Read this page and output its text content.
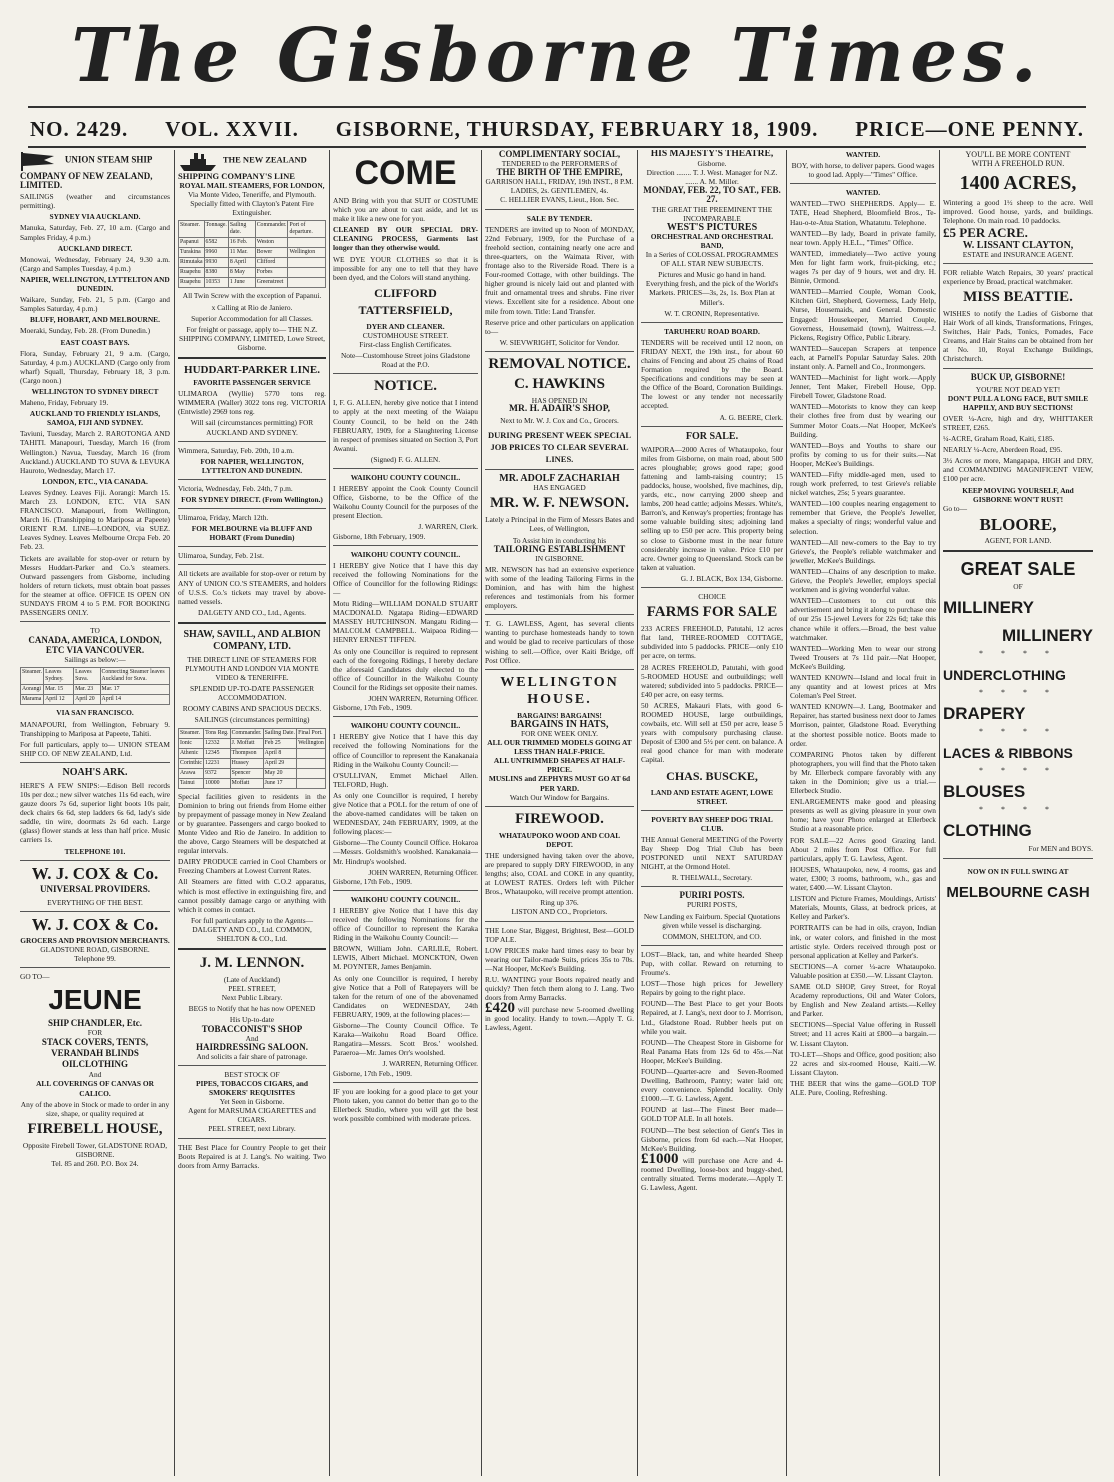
The Gisborne Times.
NO. 2429. VOL. XXVII. GISBORNE, THURSDAY, FEBRUARY 18, 1909. PRICE—ONE PENNY.
UNION STEAM SHIP COMPANY OF NEW ZEALAND, LIMITED.

SAILINGS (weather and circumstances permitting).

SYDNEY VIA AUCKLAND.

Manuka, Saturday, Feb. 27, 10 a.m. (Cargo and Samples Friday, 4 p.m.)

AUCKLAND DIRECT.

Monowai, Wednesday, February 24, 9.30 a.m. (Cargo and Samples Tuesday, 4 p.m.)

NAPIER, WELLINGTON, LYTTELTON AND DUNEDIN.

Waikare, Sunday, Feb. 21, 5 p.m. (Cargo and Samples Saturday, 4 p.m.)

BLUFF, HOBART, AND MELBOURNE.

Moeraki, Sunday, Feb. 28. (From Dunedin.)

EAST COAST BAYS.

Flora, Sunday, February 21, 9 a.m. (Cargo, Saturday, 4 p.m.) AUCKLAND (Cargo only from wharf) Squall, Thursday, February 18, 3 p.m. (Cargo noon.)

WELLINGTON TO SYDNEY DIRECT

Maheno, Friday, February 19.

AUCKLAND TO FRIENDLY ISLANDS, SAMOA, FIJI AND SYDNEY.

Taviuni, Tuesday, March 2. RAROTONGA AND TAHITI. Manapouri, Tuesday, March 16 (from Wellington.) Navua, Tuesday, March 16 (from Auckland.) AUCKLAND TO SUVA & LEVUKA Hauroto, Wednesday, March 17.

LONDON, ETC., VIA CANADA.

Leaves Sydney. Leaves Fiji. Aorangi: March 15. March 23. LONDON, ETC. VIA SAN FRANCISCO. Manapouri, from Wellington, March 16. (Transhipping to Mariposa at Papeete) ORIENT R.M. LINE—LONDON, via SUEZ. Leaves Sydney. Leaves Melbourne Orcpa Feb. 20 Feb. 23.

Tickets are available for stop-over or return by Messrs Huddart-Parker and Co.'s steamers. Outward passengers from Gisborne, including holders of return tickets, must obtain boat passes for the steamer at office. OFFICE IS OPEN ON SUNDAYS FROM 4 to 5 P.M. FOR BOOKING PASSENGERS ONLY.

TO
CANADA, AMERICA, LONDON, ETC VIA VANCOUVER.
Sailings as below:—
Steamer.	Leaves Sydney.	Leaves Suva.	Connecting Steamer leaves Auckland for Suva.
Aorangi	Mar. 15	Mar. 23	Mar. 17
Marama	April 12	April 20	April 14
VIA SAN FRANCISCO.

MANAPOURI, from Wellington, February 9. Transhipping to Mariposa at Papeete, Tahiti.

For full particulars, apply to— UNION STEAM SHIP CO. OF NEW ZEALAND, Ltd.

NOAH'S ARK.

HERE'S A FEW SNIPS:—Edison Bell records 10s per doz.; new silver watches 11s 6d each, wire gauze doors 7s 6d, superior light boots 10s pair, deck chairs 6s 6d, step ladders 6s 6d, lady's side saddle, tin wire, doormats 2s 6d each. Large (glass) flower stands at less than half price. Music carriers 1s.

TELEPHONE 101.
W. J. COX & Co.
UNIVERSAL PROVIDERS.
EVERYTHING OF THE BEST.
W. J. COX & Co.
GROCERS AND PROVISION MERCHANTS.
GLADSTONE ROAD, GISBORNE.
Telephone 99.
GO TO—
JEUNE
SHIP CHANDLER, Etc.
FOR
STACK COVERS, TENTS, VERANDAH BLINDS OILCLOTHING
And
ALL COVERINGS OF CANVAS OR CALICO.

Any of the above in Stock or made to order in any size, shape, or quality required at

FIREBELL HOUSE,
Opposite Firebell Tower, GLADSTONE ROAD, GISBORNE.
Tel. 85 and 260. P.O. Box 24.
THE NEW ZEALAND SHIPPING COMPANY'S LINE
ROYAL MAIL STEAMERS, FOR LONDON,
Via Monte Video, Teneriffe, and Plymouth.
Specially fitted with Clayton's Patent Fire Extinguisher.
Steamer.	Tonnage.	Sailing date.	Commander.	Port of departure.
Papanui	6582	16 Feb.	Weston	
Turakina	9960	11 Mar.	Bower	Wellington
Rimutaka	9930	8 April	Clifford	
Ruapehu	8380	8 May	Forbes	
Ruapehu	10353	1 June	Greenstreet	

All Twin Screw with the exception of Papanui.

x Calling at Rio de Janiero.

Superior Accommodation for all Classes.

For freight or passage, apply to— THE N.Z. SHIPPING COMPANY, LIMITED, Lowe Street, Gisborne.

HUDDART-PARKER LINE.
FAVORITE PASSENGER SERVICE

ULIMAROA (Wyllie) 5770 tons reg. WIMMERA (Waller) 3022 tons reg. VICTORIA (Entwistle) 2969 tons reg.

Will sail (circumstances permitting) FOR AUCKLAND AND SYDNEY.

Wimmera, Saturday, Feb. 20th, 10 a.m.

FOR NAPIER, WELLINGTON, LYTTELTON AND DUNEDIN.

Victoria, Wednesday, Feb. 24th, 7 p.m.

FOR SYDNEY DIRECT. (From Wellington.)

Ulimaroa, Friday, March 12th.

FOR MELBOURNE via BLUFF AND HOBART (From Dunedin)

Ulimaroa, Sunday, Feb. 21st.

All tickets are available for stop-over or return by ANY of UNION CO.'S STEAMERS, and holders of U.S.S. Co.'s tickets may travel by above-named vessels.

DALGETY AND CO., Ltd., Agents.
SHAW, SAVILL, AND ALBION COMPANY, LTD.

THE DIRECT LINE OF STEAMERS FOR PLYMOUTH AND LONDON VIA MONTE VIDEO & TENERIFFE.

SPLENDID UP-TO-DATE PASSENGER ACCOMMODATION.

ROOMY CABINS AND SPACIOUS DECKS.

SAILINGS (circumstances permitting)

Steamer.	Tons Reg.	Commander.	Sailing Date.	Final Port.
Ionic	12332	J. Moffatt	Feb 25	Wellington
Athenic	12345	Thompson	April 8	
Corinthic	12231	Hussey	April 29	
Arawa	9372	Spencer	May 20	
Tainui	10000	Moffatt	June 17	

Special facilities given to residents in the Dominion to bring out friends from Home either by prepayment of passage money in New Zealand or by guarantee. Passengers and cargo booked to Monte Video and Rio de Janeiro. In addition to the above, Cargo Steamers will be despatched at regular intervals.

DAIRY PRODUCE carried in Cool Chambers or Freezing Chambers at Lowest Current Rates.

All Steamers are fitted with C.O.2 apparatus, which is most effective in extinguishing fire, and cannot possibly damage cargo or anything with which it comes in contact.

For full particulars apply to the Agents— DALGETY AND CO., Ltd. COMMON, SHELTON & CO., Ltd.

J. M. LENNON.
(Late of Auckland)
PEEL STREET,
Next Public Library.

BEGS to Notify that he has now OPENED

His Up-to-date
TOBACCONIST'S SHOP
And
HAIRDRESSING SALOON.
And solicits a fair share of patronage.
BEST STOCK OF
PIPES, TOBACCOS CIGARS, and
SMOKERS' REQUISITES
Yet Seen in Gisborne.
Agent for MARSUMA CIGARETTES and CIGARS.
PEEL STREET, next Library.

THE Best Place for Country People to get their Boots Repaired is at J. Lang's. No waiting. Two doors from Army Barracks.

COME

AND Bring with you that SUIT or COSTUME which you are about to cast aside, and let us make it like a new one for you.

CLEANED BY OUR SPECIAL DRY-CLEANING PROCESS, Garments last longer than they otherwise would.

WE DYE YOUR CLOTHES so that it is impossible for any one to tell that they have been dyed, and the Colors will stand anything.

CLIFFORD TATTERSFIELD,
DYER AND CLEANER.
CUSTOMHOUSE STREET.
First-class English Certificates.

Note—Customhouse Street joins Gladstone Road at the P.O.

NOTICE.

I, F. G. ALLEN, hereby give notice that I intend to apply at the next meeting of the Waiapu County Council, to be held on the 24th FEBRUARY, 1909, for a Slaughtering License in respect of premises situated on Section 3, Port Awanui.

(Signed) F. G. ALLEN.
WAIKOHU COUNTY COUNCIL.

I HEREBY appoint the Cook County Council Office, Gisborne, to be the Office of the Waikohu County Council for the purposes of the present Election.

J. WARREN, Clerk.
Gisborne, 18th February, 1909.
WAIKOHU COUNTY COUNCIL.

I HEREBY give Notice that I have this day received the following Nominations for the Office of Councillor for the following Ridings:—

Motu Riding—WILLIAM DONALD STUART MACDONALD. Ngatapa Riding—EDWARD MASSEY HUTCHINSON. Mangatu Riding—MALCOLM CAMPBELL. Waipaoa Riding—HENRY ERNEST TIFFEN.

As only one Councillor is required to represent each of the foregoing Ridings, I hereby declare the aforesaid Candidates duly elected to the office of Councillor in the Waikohu County Council for the Ridings set opposite their names.

JOHN WARREN, Returning Officer.
Gisborne, 17th Feb., 1909.
WAIKOHU COUNTY COUNCIL.

I HEREBY give Notice that I have this day received the following Nominations for the office of Councillor to represent the Kanakanaia Riding in the Waikohu County Council:—

O'SULLIVAN, Emmet Michael Allen. TELFORD, Hugh.

As only one Councillor is required, I hereby give Notice that a POLL for the return of one of the above-named candidates will be taken on WEDNESDAY, 24th FEBRUARY, 1909, at the following places:—

Gisborne—The County Council Office. Hokaroa—Messrs. Goldsmith's woolshed. Kanakanaia—Mr. Hindrup's woolshed.

JOHN WARREN, Returning Officer.
Gisborne, 17th Feb., 1909.
WAIKOHU COUNTY COUNCIL.

I HEREBY give Notice that I have this day received the following Nominations for the office of Councillor to represent the Karaka Riding in the Waikohu County Council:—

BROWN, William John. CARLILE, Robert. LEWIS, Albert Michael. MONCKTON, Owen M. POYNTER, James Benjamin.

As only one Councillor is required, I hereby give Notice that a Poll of Ratepayers will be taken for the return of one of the abovenamed Candidates on WEDNESDAY, 24th FEBRUARY, 1909, at the following places:—

Gisborne—The County Council Office. Te Karaka—Waikohu Road Board Office. Rangatira—Messrs. Scott Bros.' woolshed. Paraeroa—Mr. James Orr's woolshed.

J. WARREN, Returning Officer.
Gisborne, 17th Feb., 1909.

IF you are looking for a good place to get your Photo taken, you cannot do better than go to the Ellerbeck Studio, where you will get the best work possible combined with moderate prices.

COMPLIMENTARY SOCIAL,
TENDERED to the PERFORMERS of
THE BIRTH OF THE EMPIRE,
GARRISON HALL, FRIDAY, 19th INST., 8 P.M.
LADIES, 2s. GENTLEMEN, 4s.
C. HELLIER EVANS, Lieut., Hon. Sec.
SALE BY TENDER.

TENDERS are invited up to Noon of MONDAY, 22nd February, 1909, for the Purchase of a freehold section, containing nearly one acre and three-quarters, on the Waimata River, with frontage also to the Riverside Road. There is a Four-roomed Cottage, with other buildings. The higher ground is nicely laid out and planted with fruit and ornamental trees and shrubs. Fine river views. Excellent site for a residence. About one mile from town. Title: Land Transfer.

Reserve price and other particulars on application to—

W. SIEVWRIGHT, Solicitor for Vendor.
REMOVAL NOTICE.
C. HAWKINS
HAS OPENED IN
MR. H. ADAIR'S SHOP,

Next to Mr. W. J. Cox and Co., Grocers.

DURING PRESENT WEEK SPECIAL JOB PRICES TO CLEAR SEVERAL LINES.
MR. ADOLF ZACHARIAH
HAS ENGAGED
MR. W. F. NEWSON.

Lately a Principal in the Firm of Messrs Bates and Lees, of Wellington,

To Assist him in conducting his
TAILORING ESTABLISHMENT
IN GISBORNE.

MR. NEWSON has had an extensive experience with some of the leading Tailoring Firms in the Dominion, and has with him the highest references and testimonials from his former employers.

T. G. LAWLESS, Agent, has several clients wanting to purchase homesteads handy to town and would be glad to receive particulars of those wishing to sell.—Office, over Kaiti Bridge, off Post Office.

WELLINGTON HOUSE.
BARGAINS! BARGAINS!
BARGAINS IN HATS,
FOR ONE WEEK ONLY.
ALL OUR TRIMMED MODELS GOING AT LESS THAN HALF-PRICE.
ALL UNTRIMMED SHAPES AT HALF-PRICE.
MUSLINS and ZEPHYRS MUST GO AT 6d PER YARD.
Watch Our Window for Bargains.
FIREWOOD.
WHATAUPOKO WOOD AND COAL DEPOT.

THE undersigned having taken over the above, are prepared to supply DRY FIREWOOD, in any lengths; also, COAL and COKE in any quantity, at LOWEST RATES. Orders left with Pilcher Bros., Whataupoko, will receive prompt attention.

Ring up 376.
LISTON AND CO., Proprietors.

THE Lone Star, Biggest, Brightest, Best—GOLD TOP ALE.

LOW PRICES make hard times easy to bear by wearing our Tailor-made Suits, prices 35s to 70s.—Nat Hooper, McKee's Building.

R.U. WANTING your Boots repaired neatly and quickly? Then fetch them along to J. Lang. Two doors from Army Barracks.

£420 will purchase new 5-roomed dwelling in good locality. Handy to town.—Apply T. G. Lawless, Agent.

HIS MAJESTY'S THEATRE,
Gisborne.
Direction ........ T. J. West. Manager for N.Z. ....... A. M. Miller.
MONDAY, FEB. 22, TO SAT., FEB. 27.
THE GREAT THE PREEMINENT THE INCOMPARABLE
WEST'S PICTURES
ORCHESTRAL AND ORCHESTRAL BAND,
In a Series of COLOSSAL PROGRAMMES OF ALL STAR NEW SUBJECTS.

Pictures and Music go hand in hand. Everything fresh, and the pick of the World's Markets. PRICES—3s, 2s, 1s. Box Plan at Miller's.

W. T. CRONIN, Representative.
TARUHERU ROAD BOARD.

TENDERS will be received until 12 noon, on FRIDAY NEXT, the 19th inst., for about 60 chains of Fencing and about 25 chains of Road Formation required by the Board. Specifications and conditions may be seen at the Office of the Board, Coronation Buildings. The lowest or any tender not necessarily accepted.

A. G. BEERE, Clerk.
FOR SALE.

WAIPORA—2000 Acres of Whataupoko, four miles from Gisborne, on main road, about 500 acres ploughable; grows good rape; good fattening and lamb-raising country; 15 paddocks, house, woolshed, five machines, dip, yards, etc., now carrying 2000 sheep and lambs, 200 head cattle; adjoins Messrs. White's, Barron's, and Kenway's properties; frontage has some valuable building sites; adjoining land selling up to £50 per acre. This property being so close to Gisborne must in the near future considerably increase in value. Price £10 per acre. Owner going to Queensland. Stock can be taken at valuation.

G. J. BLACK, Box 134, Gisborne.
CHOICE
FARMS FOR SALE

233 ACRES FREEHOLD, Patutahi, 12 acres flat land, THREE-ROOMED COTTAGE, subdivided into 5 paddocks. PRICE—only £10 per acre, on terms.

28 ACRES FREEHOLD, Patutahi, with good 5-ROOMED HOUSE and outbuildings; well watered; subdivided into 5 paddocks. PRICE—£40 per acre, on easy terms.

50 ACRES, Makauri Flats, with good 6-ROOMED HOUSE, large outbuildings, cowbails, etc. Will sell at £50 per acre, lease 5 years with compulsory purchasing clause. Deposit of £300 and 5½ per cent. on balance. A real good chance for man with moderate Capital.

CHAS. BUSCKE,
LAND AND ESTATE AGENT, LOWE STREET.
POVERTY BAY SHEEP DOG TRIAL CLUB.

THE Annual General MEETING of the Poverty Bay Sheep Dog Trial Club has been POSTPONED until NEXT SATURDAY NIGHT, at the Ormond Hotel.

R. THELWALL, Secretary.
PURIRI POSTS.
PURIRI POSTS,

New Landing ex Fairburn. Special Quotations given while vessel is discharging.

COMMON, SHELTON, and CO.

LOST—Black, tan, and white hearded Sheep Pup, with collar. Reward on returning to Froume's.

LOST—Those high prices for Jewellery Repairs by going to the right place.

FOUND—The Best Place to get your Boots Repaired, at J. Lang's, next door to J. Morrison, Ltd., Gladstone Road. Rubber heels put on while you wait.

FOUND—The Cheapest Store in Gisborne for Real Panama Hats from 12s 6d to 45s.—Nat Hooper, McKee's Building.

FOUND—Quarter-acre and Seven-Roomed Dwelling, Bathroom, Pantry; water laid on; every convenience. Splendid locality. Only £1000.—T. G. Lawless, Agent.

FOUND at last—The Finest Beer made—GOLD TOP ALE. In all hotels.

FOUND—The best selection of Gent's Ties in Gisborne, prices from 6d each.—Nat Hooper, McKee's Building.

£1000 will purchase one Acre and 4-roomed Dwelling, loose-box and buggy-shed, centrally situated. Terms moderate.—Apply T. G. Lawless, Agent.

WANTED.

BOY, with horse, to deliver papers. Good wages to good lad. Apply—"Times" Office.

WANTED.

WANTED—TWO SHEPHERDS. Apply— E. TATE, Head Shepherd, Bloomfield Bros., Te-Hau-o-te-Atua Station, Whatatutu. Telephone.

WANTED—By lady, Board in private family, near town. Apply H.E.L., "Times" Office.

WANTED, immediately—Two active young Men for light farm work, fruit-picking, etc.; wages 7s per day of 9 hours, wet and dry. H. Binnie, Ormond.

WANTED—Married Couple, Woman Cook, Kitchen Girl, Shepherd, Governess, Lady Help, Nurse, Housemaids, and General. Domestic Engaged: Housekeeper, Married Couple, Governess, Housemaid (town), Waitress.—J. Pickens, Registry Office, Public Library.

WANTED—Saucepan Scrapers at tenpence each, at Parnell's Popular Saturday Sales. 20th instant only. A. Parnell and Co., Ironmongers.

WANTED—Machinist for light work.—Apply Jenner, Tent Maker, Firebell House, Opp. Firebell Tower, Gladstone Road.

WANTED—Motorists to know they can keep their clothes free from dust by wearing our Summer Motor Coats.—Nat Hooper, McKee's Building.

WANTED—Boys and Youths to share our profits by coming to us for their suits.—Nat Hooper, McKee's Buildings.

WANTED—Fifty middle-aged men, used to rough work preferred, to test Grieve's reliable nickel watches, 25s; 5 years guarantee.

WANTED—100 couples nearing engagement to remember that Grieve, the People's Jeweller, makes a specialty of rings; wonderful value and selection.

WANTED—All new-comers to the Bay to try Grieve's, the People's reliable watchmaker and jeweller, McKee's Buildings.

WANTED—Chains of any description to make. Grieve, the People's Jeweller, employs special workmen and is giving wonderful value.

WANTED—Customers to cut out this advertisement and bring it along to purchase one of our 25s 15-jewel Levers for 22s 6d; take this chance while it offers.—Broad, the best value watchmaker.

WANTED—Working Men to wear our strong Tweed Trousers at 7s 11d pair.—Nat Hooper, McKee's Building.

WANTED KNOWN—Island and local fruit in any quantity and at lowest prices at Mrs Coleman's Peel Street.

WANTED KNOWN—J. Lang, Bootmaker and Repairer, has started business next door to James Morrison, painter, Gladstone Road. Everything at the shortest possible notice. Boots made to order.

COMPARING Photos taken by different photographers, you will find that the Photo taken by Mr. Ellerbeck compare favorably with any taken in the Dominion; give us a trial.—Ellerbeck Studio.

ENLARGEMENTS make good and pleasing presents as well as giving pleasure in your own home; have your Photo enlarged at Ellerbeck Studio at a reasonable price.

FOR SALE—22 Acres good Grazing land. About 2 miles from Post Office. For full particulars, apply T. G. Lawless, Agent.

HOUSES, Whataupoko, new, 4 rooms, gas and water, £300; 3 rooms, bathroom, w.h., gas and water, £400.—W. Lissant Clayton.

LISTON and Picture Frames, Mouldings, Artists' Materials, Mounts, Glass, at bedrock prices, at Kelley and Parker's.

PORTRAITS can be had in oils, crayon, Indian ink, or water colors, and finished in the most artistic style. Orders received through post or personal application at Kelley and Parker's.

SECTIONS—A corner ¼-acre Whataupoko. Valuable position at £350.—W. Lissant Clayton.

SAME OLD SHOP, Grey Street, for Royal Academy reproductions, Oil and Water Colors, by English and New Zealand artists.—Kelley and Parker.

SECTIONS—Special Value offering in Russell Street; and 11 acres Kaiti at £800—a bargain.—W. Lissant Clayton.

TO-LET—Shops and Office, good position; also 22 acres and six-roomed House, Kaiti.—W. Lissant Clayton.

THE BEER that wins the game—GOLD TOP ALE. Pure, Cooling, Refreshing.

YOU'LL BE MORE CONTENT
WITH A FREEHOLD RUN.
1400 ACRES,

Wintering a good 1½ sheep to the acre. Well improved. Good house, yards, and buildings. Telephone. On main road. 10 paddocks.

£5 PER ACRE.
W. LISSANT CLAYTON,
ESTATE and INSURANCE AGENT.

FOR reliable Watch Repairs, 30 years' practical experience by Broad, practical watchmaker.

MISS BEATTIE.

WISHES to notify the Ladies of Gisborne that Hair Work of all kinds, Transformations, Fringes, Switches, Hair Pads, Tonics, Pomades, Face Creams, and Hair Stains can be obtained from her at No. 10, Royal Exchange Buildings, Christchurch.

BUCK UP, GISBORNE!
YOU'RE NOT DEAD YET!
DON'T PULL A LONG FACE, BUT SMILE HAPPILY, AND BUY SECTIONS!

OVER ¼-Acre, high and dry, WHITTAKER STREET, £265.

¼-ACRE, Graham Road, Kaiti, £185.

NEARLY ¼-Acre, Aberdeen Road, £95.

3½ Acres or more, Mangapapa, HIGH and DRY, and COMMANDING MAGNIFICENT VIEW, £100 per acre.

KEEP MOVING YOURSELF, And GISBORNE WON'T RUST!
Go to—
BLOORE,
AGENT, FOR LAND.
GREAT SALE
OF
MILLINERY
MILLINERY
* * * *
UNDERCLOTHING
* * * *
DRAPERY
* * * *
LACES & RIBBONS
* * * *
BLOUSES
* * * *
CLOTHING
For MEN and BOYS.
NOW ON IN FULL SWING AT
MELBOURNE CASH
